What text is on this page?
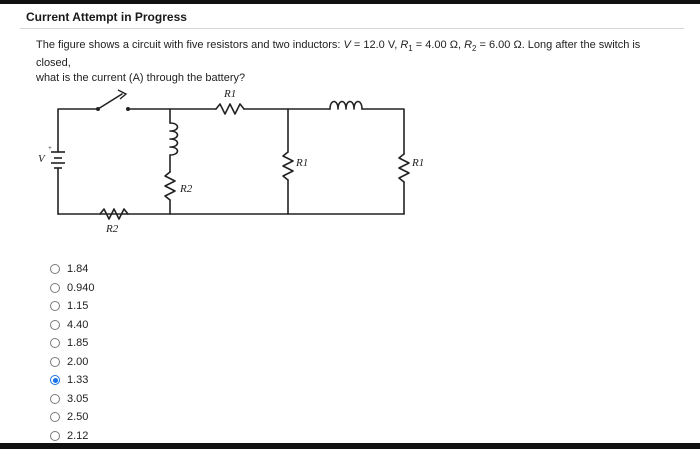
Current Attempt in Progress
The figure shows a circuit with five resistors and two inductors: V = 12.0 V, $R_1 = 4.00$ Ω, $R_2 = 6.00$ Ω. Long after the switch is closed,
what is the current (A) through the battery?
V
+
R1
R1	R1
R2
R2
1.84
0.940
1.15
4.40
1.85
2.00
1.33
3.05
2.50
2.12
